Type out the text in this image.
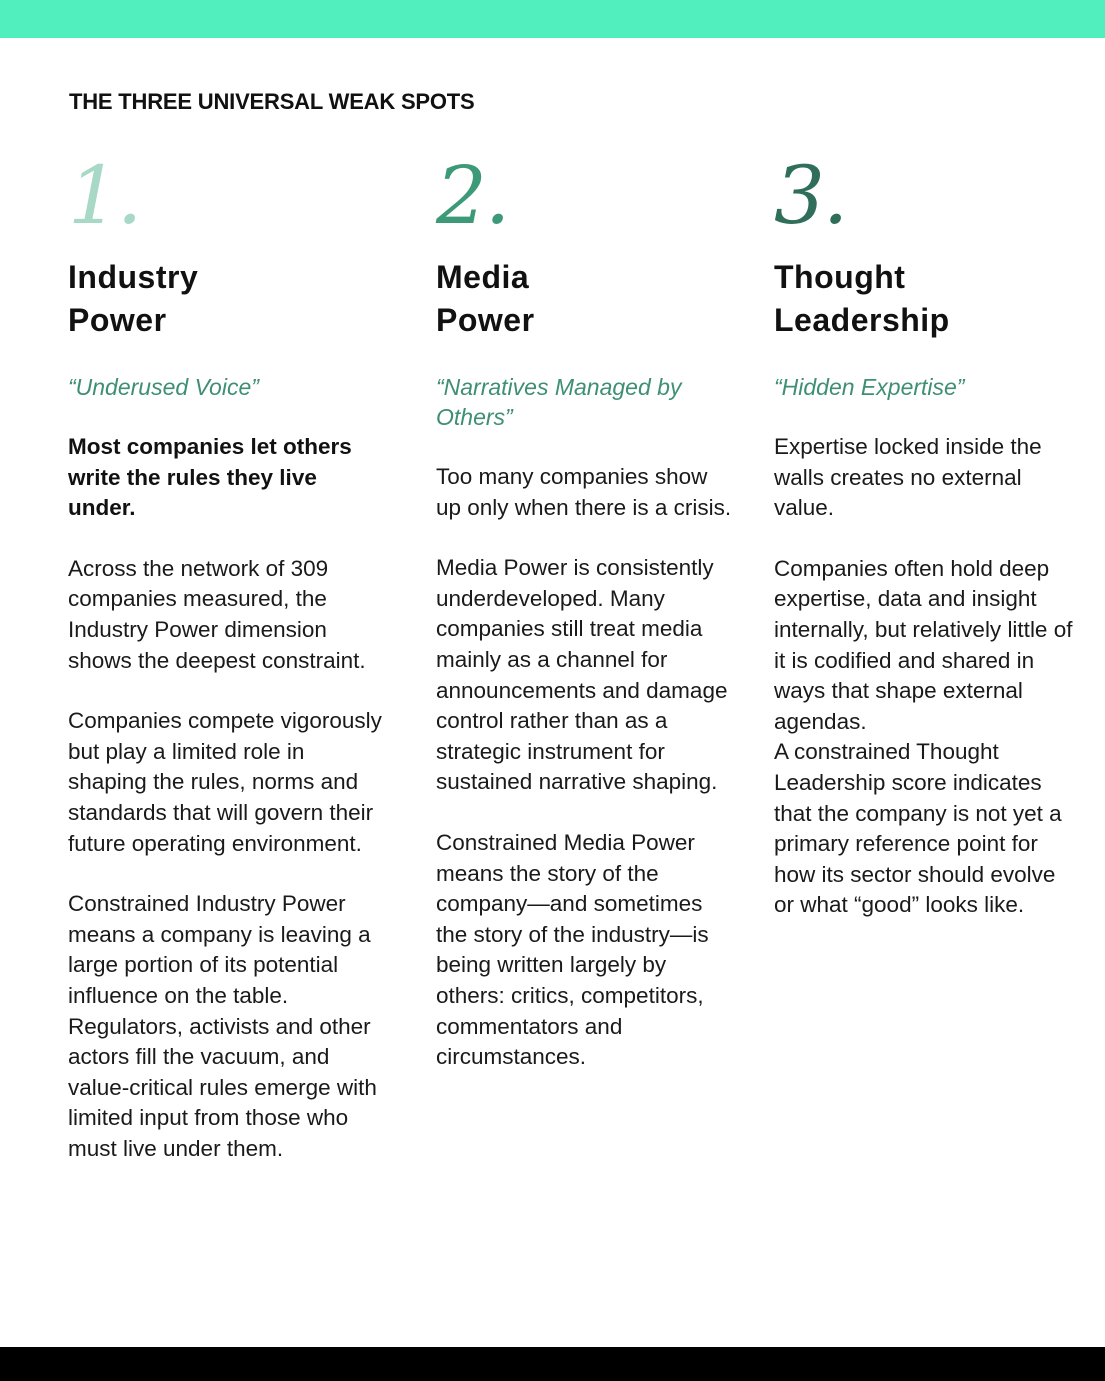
THE THREE UNIVERSAL WEAK SPOTS
1.
Industry
Power

“Underused Voice”

Most companies let others write the rules they live under.

Across the network of 309 companies measured, the Industry Power dimension shows the deepest constraint.

Companies compete vigorously but play a limited role in shaping the rules, norms and standards that will govern their future operating environment.

Constrained Industry Power means a company is leaving a large portion of its potential influence on the table. Regulators, activists and other actors fill the vacuum, and value-critical rules emerge with limited input from those who must live under them.

2.
Media
Power

“Narratives Managed by Others”

Too many companies show up only when there is a crisis.

Media Power is consistently underdeveloped. Many companies still treat media mainly as a channel for announcements and damage control rather than as a strategic instrument for sustained narrative shaping.

Constrained Media Power means the story of the company—and sometimes the story of the industry—is being written largely by others: critics, competitors, commentators and circumstances.

3.
Thought
Leadership

“Hidden Expertise”

Expertise locked inside the walls creates no external value.

Companies often hold deep expertise, data and insight internally, but relatively little of it is codified and shared in ways that shape external agendas.

A constrained Thought Leadership score indicates that the company is not yet a primary reference point for how its sector should evolve or what “good” looks like.
